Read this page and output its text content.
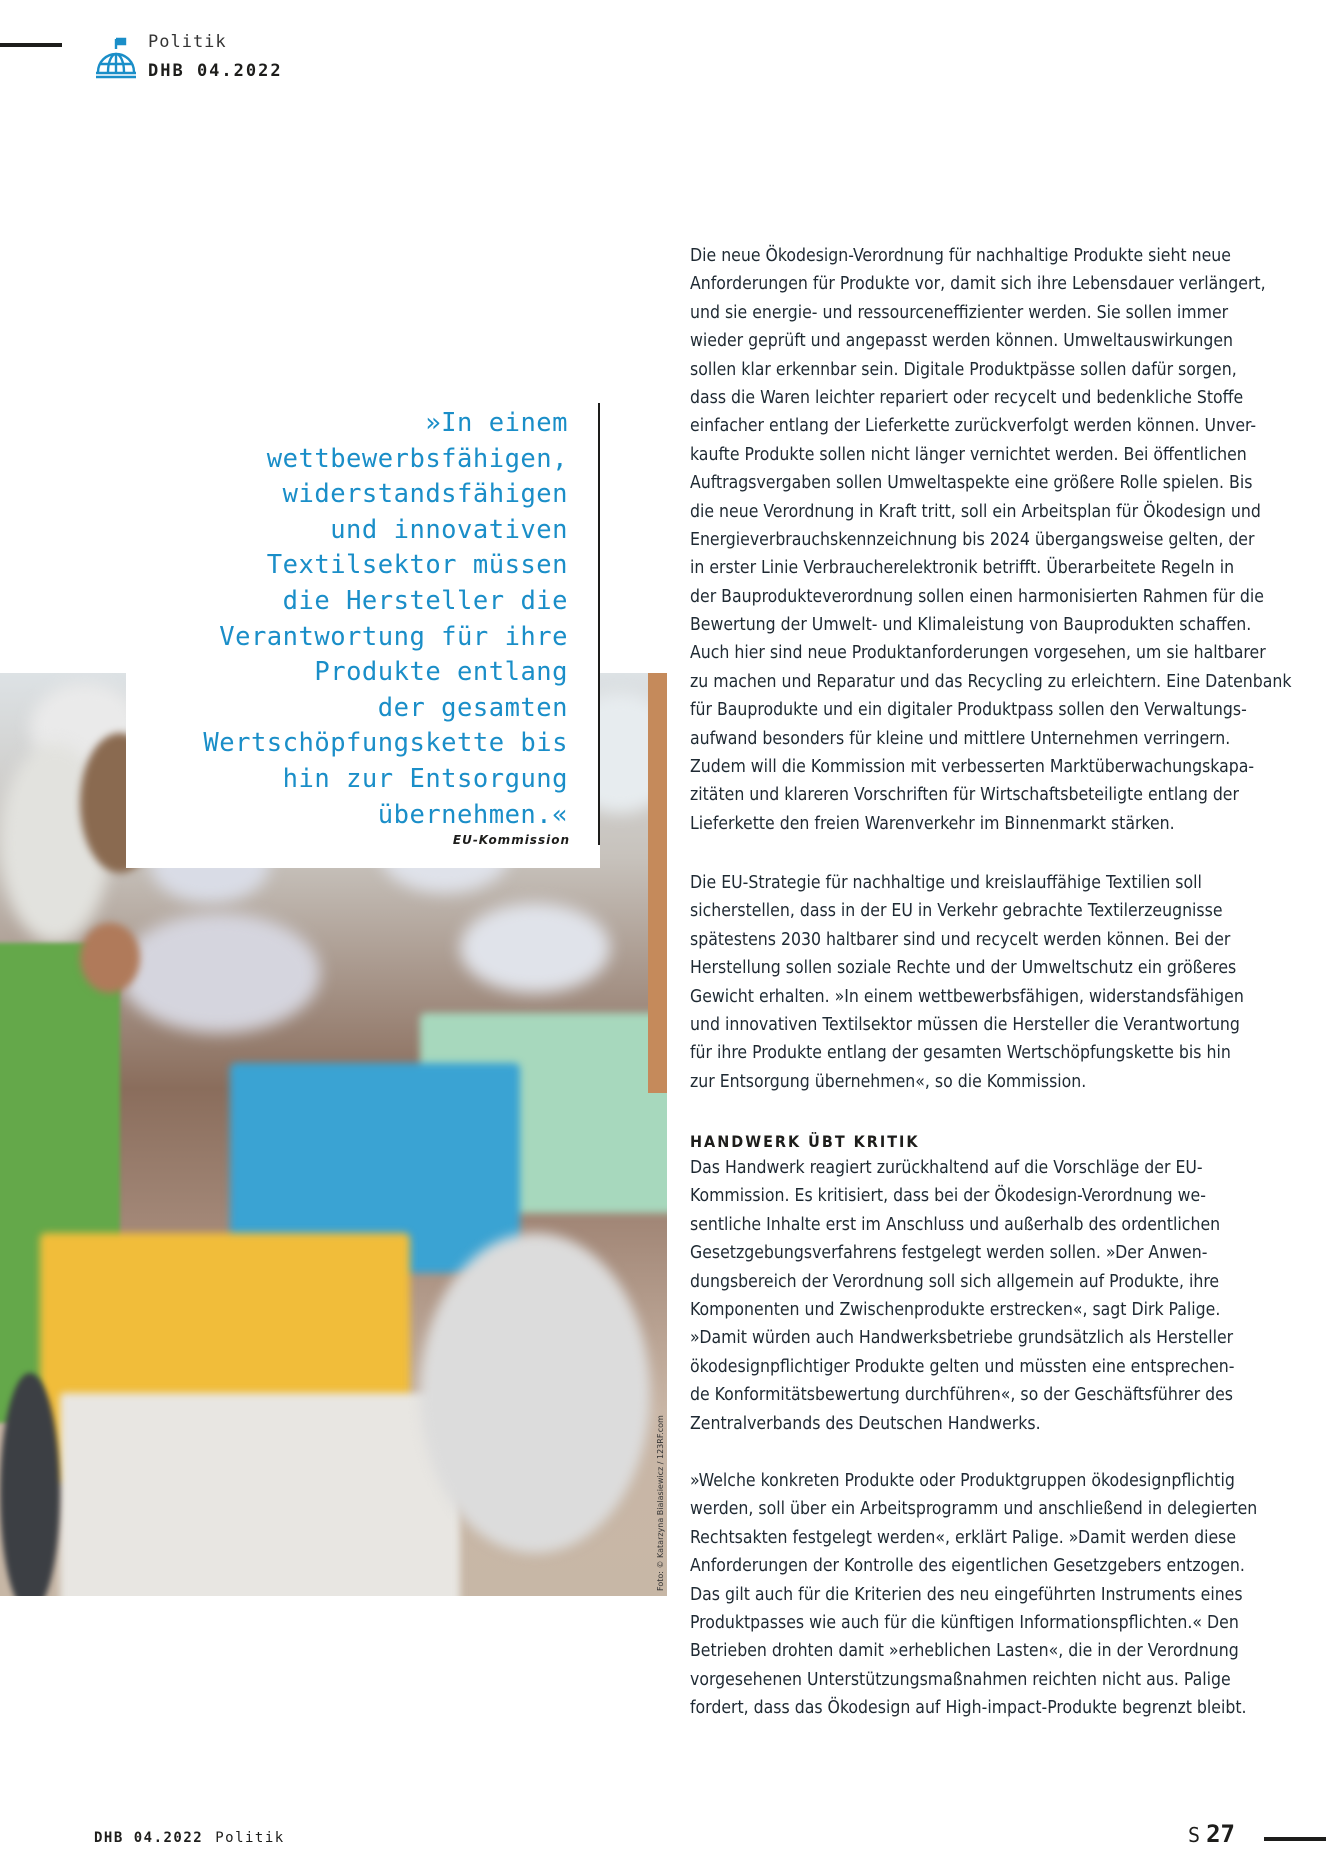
Politik
DHB 04.2022
Foto: © Katarzyna Bialasiewicz / 123RF.com
»In einem
wettbewerbsfähigen,
widerstandsfähigen
und innovativen
Textilsektor müssen
die Hersteller die
Verantwortung für ihre
Produkte entlang
der gesamten
Wertschöpfungskette bis
hin zur Entsorgung
übernehmen.«
EU-Kommission
Die neue Ökodesign-Verordnung für nachhaltige Produkte sieht neue
Anforderungen für Produkte vor, damit sich ihre Lebensdauer verlängert,
und sie energie- und ressourceneffizienter werden. Sie sollen immer
wieder geprüft und angepasst werden können. Umweltauswirkungen
sollen klar erkennbar sein. Digitale Produktpässe sollen dafür sorgen,
dass die Waren leichter repariert oder recycelt und bedenkliche Stoffe
einfacher entlang der Lieferkette zurückverfolgt werden können. Unver-
kaufte Produkte sollen nicht länger vernichtet werden. Bei öffentlichen
Auftragsvergaben sollen Umweltaspekte eine größere Rolle spielen. Bis
die neue Verordnung in Kraft tritt, soll ein Arbeitsplan für Ökodesign und
Energieverbrauchskennzeichnung bis 2024 übergangsweise gelten, der
in erster Linie Verbraucherelektronik betrifft. Überarbeitete Regeln in
der Bauprodukteverordnung sollen einen harmonisierten Rahmen für die
Bewertung der Umwelt- und Klimaleistung von Bauprodukten schaffen.
Auch hier sind neue Produktanforderungen vorgesehen, um sie haltbarer
zu machen und Reparatur und das Recycling zu erleichtern. Eine Datenbank
für Bauprodukte und ein digitaler Produktpass sollen den Verwaltungs-
aufwand besonders für kleine und mittlere Unternehmen verringern.
Zudem will die Kommission mit verbesserten Marktüberwachungskapa-
zitäten und klareren Vorschriften für Wirtschaftsbeteiligte entlang der
Lieferkette den freien Warenverkehr im Binnenmarkt stärken.
Die EU-Strategie für nachhaltige und kreislauffähige Textilien soll
sicherstellen, dass in der EU in Verkehr gebrachte Textilerzeugnisse
spätestens 2030 haltbarer sind und recycelt werden können. Bei der
Herstellung sollen soziale Rechte und der Umweltschutz ein größeres
Gewicht erhalten. »In einem wettbewerbsfähigen, widerstandsfähigen
und innovativen Textilsektor müssen die Hersteller die Verantwortung
für ihre Produkte entlang der gesamten Wertschöpfungskette bis hin
zur Entsorgung übernehmen«, so die Kommission.
HANDWERK ÜBT KRITIK
Das Handwerk reagiert zurückhaltend auf die Vorschläge der EU-
Kommission. Es kritisiert, dass bei der Ökodesign-Verordnung we-
sentliche Inhalte erst im Anschluss und außerhalb des ordentlichen
Gesetzgebungsverfahrens festgelegt werden sollen. »Der Anwen-
dungsbereich der Verordnung soll sich allgemein auf Produkte, ihre
Komponenten und Zwischenprodukte erstrecken«, sagt Dirk Palige.
»Damit würden auch Handwerksbetriebe grundsätzlich als Hersteller
ökodesignpflichtiger Produkte gelten und müssten eine entsprechen-
de Konformitätsbewertung durchführen«, so der Geschäftsführer des
Zentralverbands des Deutschen Handwerks.
»Welche konkreten Produkte oder Produktgruppen ökodesignpflichtig
werden, soll über ein Arbeitsprogramm und anschließend in delegierten
Rechtsakten festgelegt werden«, erklärt Palige. »Damit werden diese
Anforderungen der Kontrolle des eigentlichen Gesetzgebers entzogen.
Das gilt auch für die Kriterien des neu eingeführten Instruments eines
Produktpasses wie auch für die künftigen Informationspflichten.« Den
Betrieben drohten damit »erheblichen Lasten«, die in der Verordnung
vorgesehenen Unterstützungsmaßnahmen reichten nicht aus. Palige
fordert, dass das Ökodesign auf High-impact-Produkte begrenzt bleibt.
DHB 04.2022 Politik	S 27
